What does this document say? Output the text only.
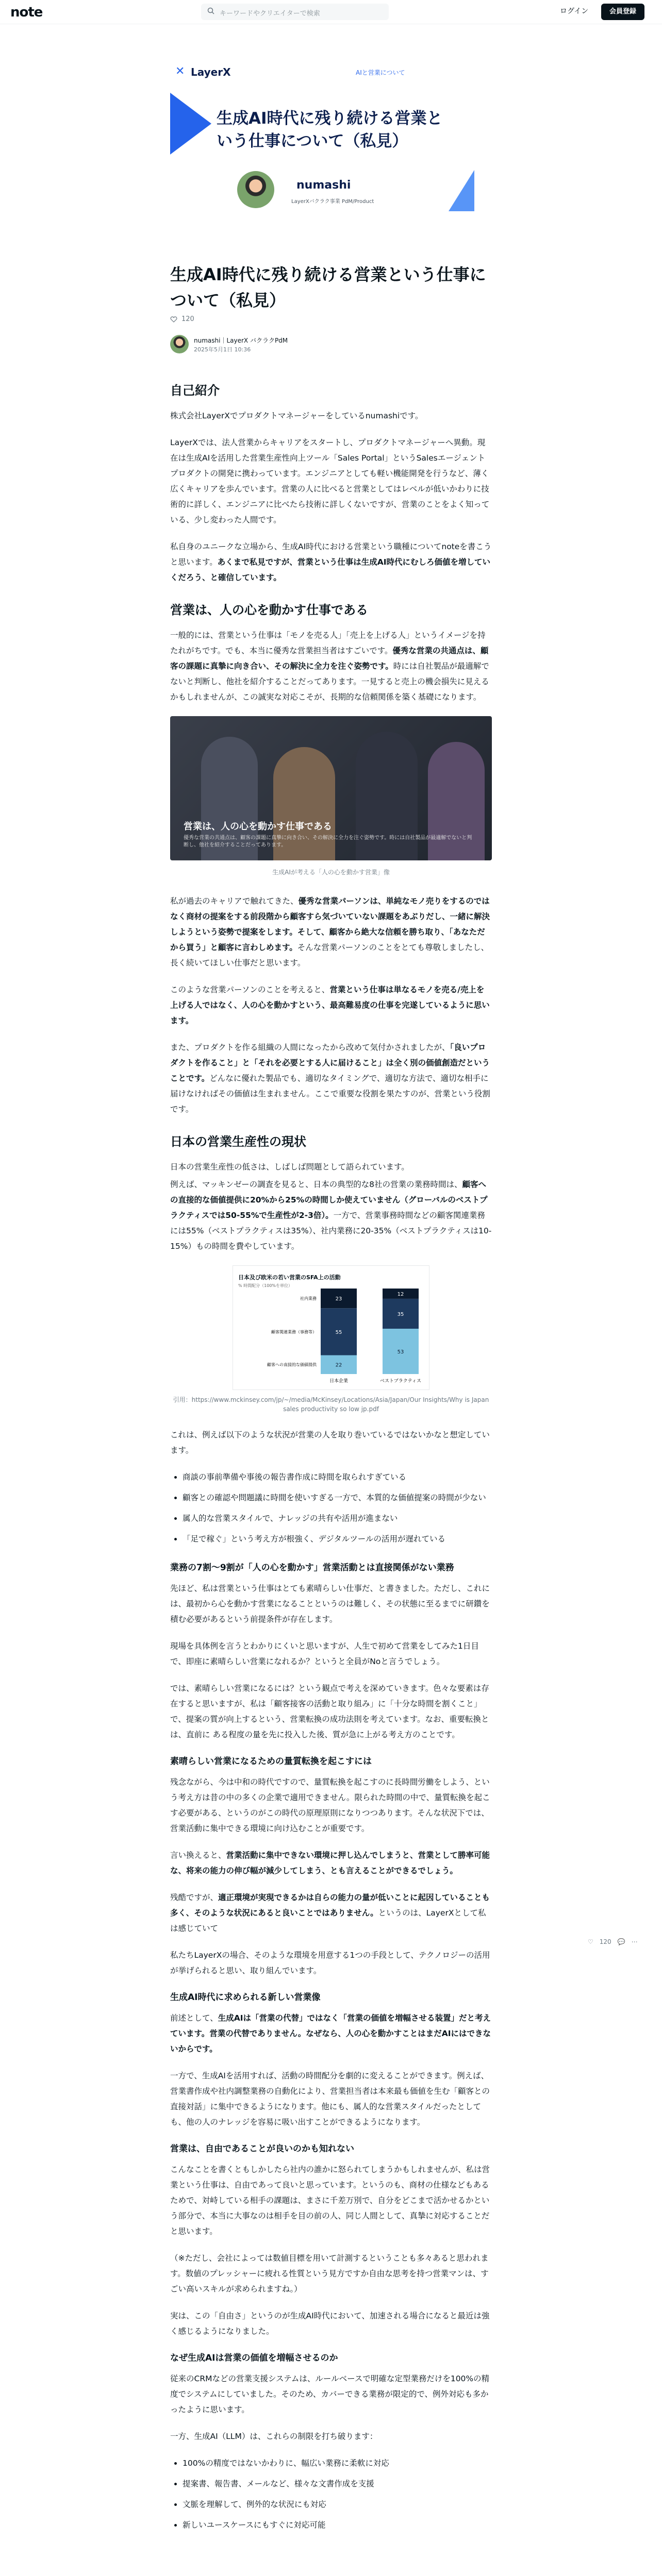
note	キーワードやクリエイターで検索	ログイン	会員登録
✕ LayerX	AIと営業について
生成AI時代に残り続ける営業という仕事について（私見）
numashi
LayerXバクラク事業 PdM/Product
生成AI時代に残り続ける営業という仕事について（私見）
120
numashi｜LayerX バクラクPdM
2025年5月1日 10:36
自己紹介

株式会社LayerXでプロダクトマネージャーをしているnumashiです。

LayerXでは、法人営業からキャリアをスタートし、プロダクトマネージャーへ異動。現在は生成AIを活用した営業生産性向上ツール「Sales Portal」というSalesエージェントプロダクトの開発に携わっています。エンジニアとしても軽い機能開発を行うなど、薄く広くキャリアを歩んでいます。営業の人に比べると営業としてはレベルが低いかわりに技術的に詳しく、エンジニアに比べたら技術に詳しくないですが、営業のことをよく知っている、少し変わった人間です。

私自身のユニークな立場から、生成AI時代における営業という職種についてnoteを書こうと思います。あくまで私見ですが、営業という仕事は生成AI時代にむしろ価値を増していくだろう、と確信しています。

営業は、人の心を動かす仕事である

一般的には、営業という仕事は「モノを売る人」「売上を上げる人」というイメージを持たれがちです。でも、本当に優秀な営業担当者はすごいです。優秀な営業の共通点は、顧客の課題に真摯に向き合い、その解決に全力を注ぐ姿勢です。時には自社製品が最適解でないと判断し、他社を紹介することだってあります。一見すると売上の機会損失に見えるかもしれませんが、この誠実な対応こそが、長期的な信頼関係を築く基礎になります。

営業は、人の心を動かす仕事である
優秀な営業の共通点は、顧客の課題に真摯に向き合い、その解決に全力を注ぐ姿勢です。時には自社製品が最適解でないと判断し、他社を紹介することだってあります。
生成AIが考える「人の心を動かす営業」像

私が過去のキャリアで触れてきた、優秀な営業パーソンは、単純なモノ売りをするのではなく商材の提案をする前段階から顧客すら気づいていない課題をあぶりだし、一緒に解決しようという姿勢で提案をします。そして、顧客から絶大な信頼を勝ち取り、「あなただから買う」と顧客に言わしめます。そんな営業パーソンのことをとても尊敬しましたし、長く続いてほしい仕事だと思います。

このような営業パーソンのことを考えると、営業という仕事は単なるモノを売る/売上を上げる人ではなく、人の心を動かすという、最高難易度の仕事を完遂しているように思います。

また、プロダクトを作る組織の人間になったから改めて気付かされましたが、「良いプロダクトを作ること」と「それを必要とする人に届けること」は全く別の価値創造だということです。どんなに優れた製品でも、適切なタイミングで、適切な方法で、適切な相手に届けなければその価値は生まれません。ここで重要な役割を果たすのが、営業という役割です。

日本の営業生産性の現状

日本の営業生産性の低さは、しばしば問題として語られています。

例えば、マッキンゼーの調査を見ると、日本の典型的な8社の営業の業務時間は、顧客への直接的な価値提供に20%から25%の時間しか使えていません（グローバルのベストプラクティスでは50-55%で生産性が2-3倍）。一方で、営業事務時間などの顧客関連業務には55%（ベストプラクティスは35%）、社内業務に20-35%（ベストプラクティスは10-15%）もの時間を費やしています。

日本及び欧米の若い営業のSFA上の活動
% 時間配分（100%を単位）
22
55
23
日本企業
53
35
12
ベストプラクティス
顧客への直接的な価値提供
顧客関連業務（事務等）
社内業務
引用：https://www.mckinsey.com/jp/~/media/McKinsey/Locations/Asia/Japan/Our Insights/Why is Japan sales productivity so low jp.pdf

これは、例えば以下のような状況が営業の人を取り巻いているではないかなと想定しています。

• 商談の事前準備や事後の報告書作成に時間を取られすぎている
• 顧客との確認や問題議に時間を使いすぎる一方で、本質的な価値提案の時間が少ない
• 属人的な営業スタイルで、ナレッジの共有や活用が進まない
• 「足で稼ぐ」という考え方が根強く、デジタルツールの活用が遅れている
業務の7割〜9割が「人の心を動かす」営業活動とは直接関係がない業務

先ほど、私は営業という仕事はとても素晴らしい仕事だ、と書きました。ただし、これには、最初から心を動かす営業になることというのは難しく、その状態に至るまでに研鑽を積む必要があるという前提条件が存在します。

現場を具体例を言うとわかりにくいと思いますが、人生で初めて営業をしてみた1日目で、即座に素晴らしい営業になれるか？というと全員がNoと言うでしょう。

では、素晴らしい営業になるには？という観点で考えを深めていきます。色々な要素は存在すると思いますが、私は「顧客接客の活動と取り組み」に「十分な時間を割くこと」で、提案の質が向上するという、営業転換の成功法則を考えています。なお、重要転換とは、直前に ある程度の量を先に投入した後、質が急に上がる考え方のことです。

素晴らしい営業になるための量質転換を起こすには

残念ながら、今は中和の時代ですので、量質転換を起こすのに長時間労働をしよう、という考え方は昔の中の多くの企業で適用できません。限られた時間の中で、量質転換を起こす必要がある、というのがこの時代の原理原則になりつつあります。そんな状況下では、営業活動に集中できる環境に向け込むことが重要です。

言い換えると、営業活動に集中できない環境に押し込んでしまうと、営業として勝率可能な、将来の能力の伸び幅が減少してしまう、とも言えることができるでしょう。

残酷ですが、適正環境が実現できるかは自らの能力の量が低いことに起因していることも多く、そのような状況にあると良いことではありません。というのは、LayerXとして私は感じていて

私たちLayerXの場合、そのような環境を用意する1つの手段として、テクノロジーの活用が挙げられると思い、取り組んでいます。

生成AI時代に求められる新しい営業像

前述として、生成AIは「営業の代替」ではなく「営業の価値を増幅させる装置」だと考えています。営業の代替でありません。なぜなら、人の心を動かすことはまだAIにはできないからです。

一方で、生成AIを活用すれば、活動の時間配分を劇的に変えることができます。例えば、営業書作成や社内調整業務の自動化により、営業担当者は本来最も価値を生む「顧客との直接対話」に集中できるようになります。他にも、属人的な営業スタイルだったとしても、他の人のナレッジを容易に吸い出すことができるようになります。

営業は、自由であることが良いのかも知れない

こんなことを書くともしかしたら社内の誰かに怒られてしまうかもしれませんが、私は営業という仕事は、自由であって良いと思っています。というのも、商材の仕様などもあるためで、対峙している相手の課題は、まさに千差万別で、自分をどこまで活かせるかという部分で、本当に大事なのは相手を目の前の人、同じ人間として、真摯に対応することだと思います。

（※ただし、会社によっては数値目標を用いて計測するということも多々あると思われます。数値のプレッシャーに疲れる性質という見方ですか自由な思考を持つ営業マンは、すごい高いスキルが求められますね。）

実は、この「自由さ」というのが生成AI時代において、加速される場合になると最近は強く感じるようになりました。

なぜ生成AIは営業の価値を増幅させるのか

従来のCRMなどの営業支援システムは、ルールベースで明確な定型業務だけを100%の精度でシステムにしていました。そのため、カバーできる業務が限定的で、例外対応も多かったように思います。

一方、生成AI（LLM）は、これらの制限を打ち破ります：

• 100%の精度ではないかわりに、幅広い業務に柔軟に対応
• 提案書、報告書、メールなど、様々な文書作成を支援
• 文脈を理解して、例外的な状況にも対応
• 新しいユースケースにもすぐに対応可能
♡ 120 💬 ⋯
